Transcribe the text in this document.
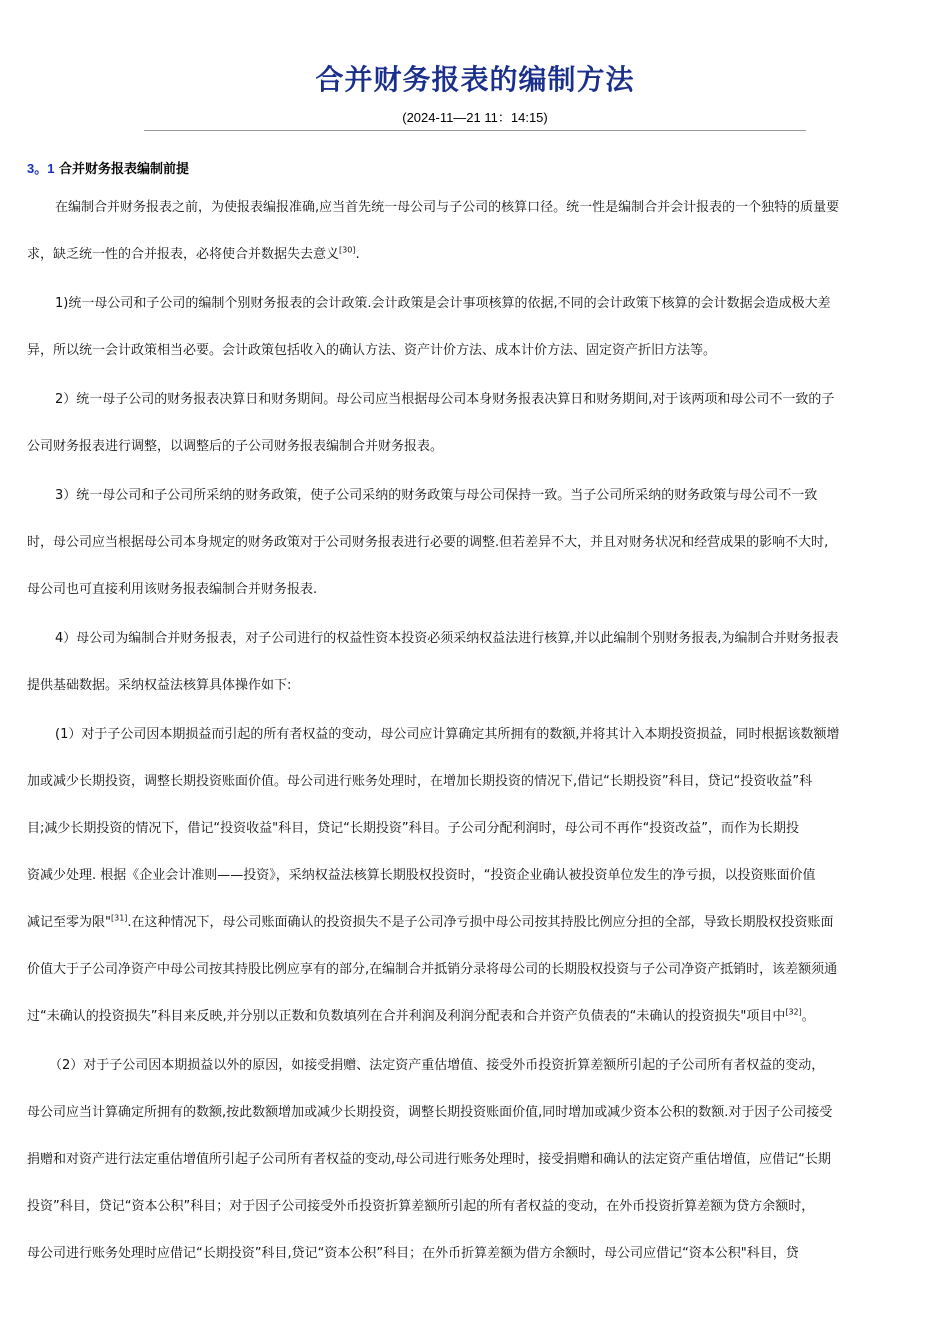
合并财务报表的编制方法
(2024-11—21 11：14:15)
3。1 合并财务报表编制前提
在编制合并财务报表之前，为使报表编报准确,应当首先统一母公司与子公司的核算口径。统一性是编制合并会计报表的一个独特的质量要
求，缺乏统一性的合并报表，必将使合并数据失去意义[30].
1)统一母公司和子公司的编制个别财务报表的会计政策.会计政策是会计事项核算的依据,不同的会计政策下核算的会计数据会造成极大差
异，所以统一会计政策相当必要。会计政策包括收入的确认方法、资产计价方法、成本计价方法、固定资产折旧方法等。
2）统一母子公司的财务报表决算日和财务期间。母公司应当根据母公司本身财务报表决算日和财务期间,对于该两项和母公司不一致的子
公司财务报表进行调整，以调整后的子公司财务报表编制合并财务报表。
3）统一母公司和子公司所采纳的财务政策，使子公司采纳的财务政策与母公司保持一致。当子公司所采纳的财务政策与母公司不一致
时，母公司应当根据母公司本身规定的财务政策对于公司财务报表进行必要的调整.但若差异不大，并且对财务状况和经营成果的影响不大时,
母公司也可直接利用该财务报表编制合并财务报表.
4）母公司为编制合并财务报表，对子公司进行的权益性资本投资必须采纳权益法进行核算,并以此编制个别财务报表,为编制合并财务报表
提供基础数据。采纳权益法核算具体操作如下:
(1）对于子公司因本期损益而引起的所有者权益的变动，母公司应计算确定其所拥有的数额,并将其计入本期投资损益，同时根据该数额增
加或减少长期投资，调整长期投资账面价值。母公司进行账务处理时，在增加长期投资的情况下,借记“长期投资”科目，贷记“投资收益”科
目;减少长期投资的情况下，借记“投资收益"科目，贷记“长期投资”科目。子公司分配利润时，母公司不再作“投资改益”，而作为长期投
资减少处理. 根据《企业会计准则——投资》，采纳权益法核算长期股权投资时，“投资企业确认被投资单位发生的净亏损，以投资账面价值
减记至零为限"[31].在这种情况下，母公司账面确认的投资损失不是子公司净亏损中母公司按其持股比例应分担的全部，导致长期股权投资账面
价值大于子公司净资产中母公司按其持股比例应享有的部分,在编制合并抵销分录将母公司的长期股权投资与子公司净资产抵销时，该差额须通
过“未确认的投资损失”科目来反映,并分别以正数和负数填列在合并利润及利润分配表和合并资产负债表的“未确认的投资损失"项目中[32]。
（2）对于子公司因本期损益以外的原因，如接受捐赠、法定资产重估增值、接受外币投资折算差额所引起的子公司所有者权益的变动，
母公司应当计算确定所拥有的数额,按此数额增加或减少长期投资，调整长期投资账面价值,同时增加或减少资本公积的数额.对于因子公司接受
捐赠和对资产进行法定重估增值所引起子公司所有者权益的变动,母公司进行账务处理时，接受捐赠和确认的法定资产重估增值，应借记“长期
投资”科目，贷记“资本公积”科目；对于因子公司接受外币投资折算差额所引起的所有者权益的变动，在外币投资折算差额为贷方余额时，
母公司进行账务处理时应借记“长期投资”科目,贷记“资本公积”科目；在外币折算差额为借方余额时，母公司应借记“资本公积"科目，贷
